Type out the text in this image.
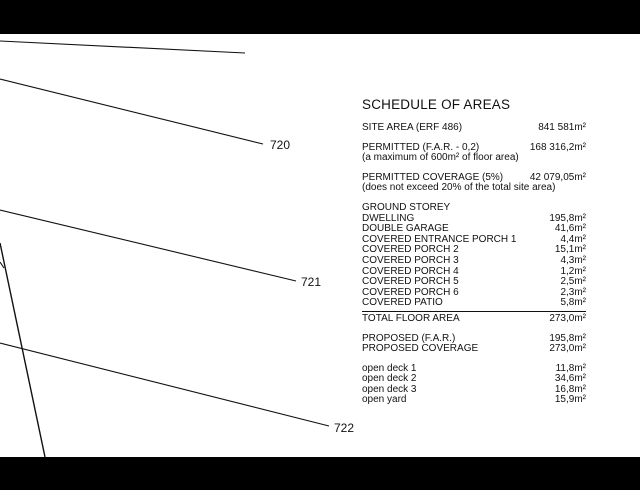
720
721
722
SCHEDULE OF AREAS
SITE AREA (ERF 486)	841 581m²
PERMITTED (F.A.R. - 0,2)	168 316,2m²
(a maximum of 600m² of floor area)
PERMITTED COVERAGE (5%)	42 079,05m²
(does not exceed 20% of the total site area)
GROUND STOREY
DWELLING	195,8m²
DOUBLE GARAGE	41,6m²
COVERED ENTRANCE PORCH 1	4,4m²
COVERED PORCH 2	15,1m²
COVERED PORCH 3	4,3m²
COVERED PORCH 4	1,2m²
COVERED PORCH 5	2,5m²
COVERED PORCH 6	2,3m²
COVERED PATIO	5,8m²
TOTAL FLOOR AREA	273,0m²
PROPOSED (F.A.R.)	195,8m²
PROPOSED COVERAGE	273,0m²
open deck 1	11,8m²
open deck 2	34,6m²
open deck 3	16,8m²
open yard	15,9m²
